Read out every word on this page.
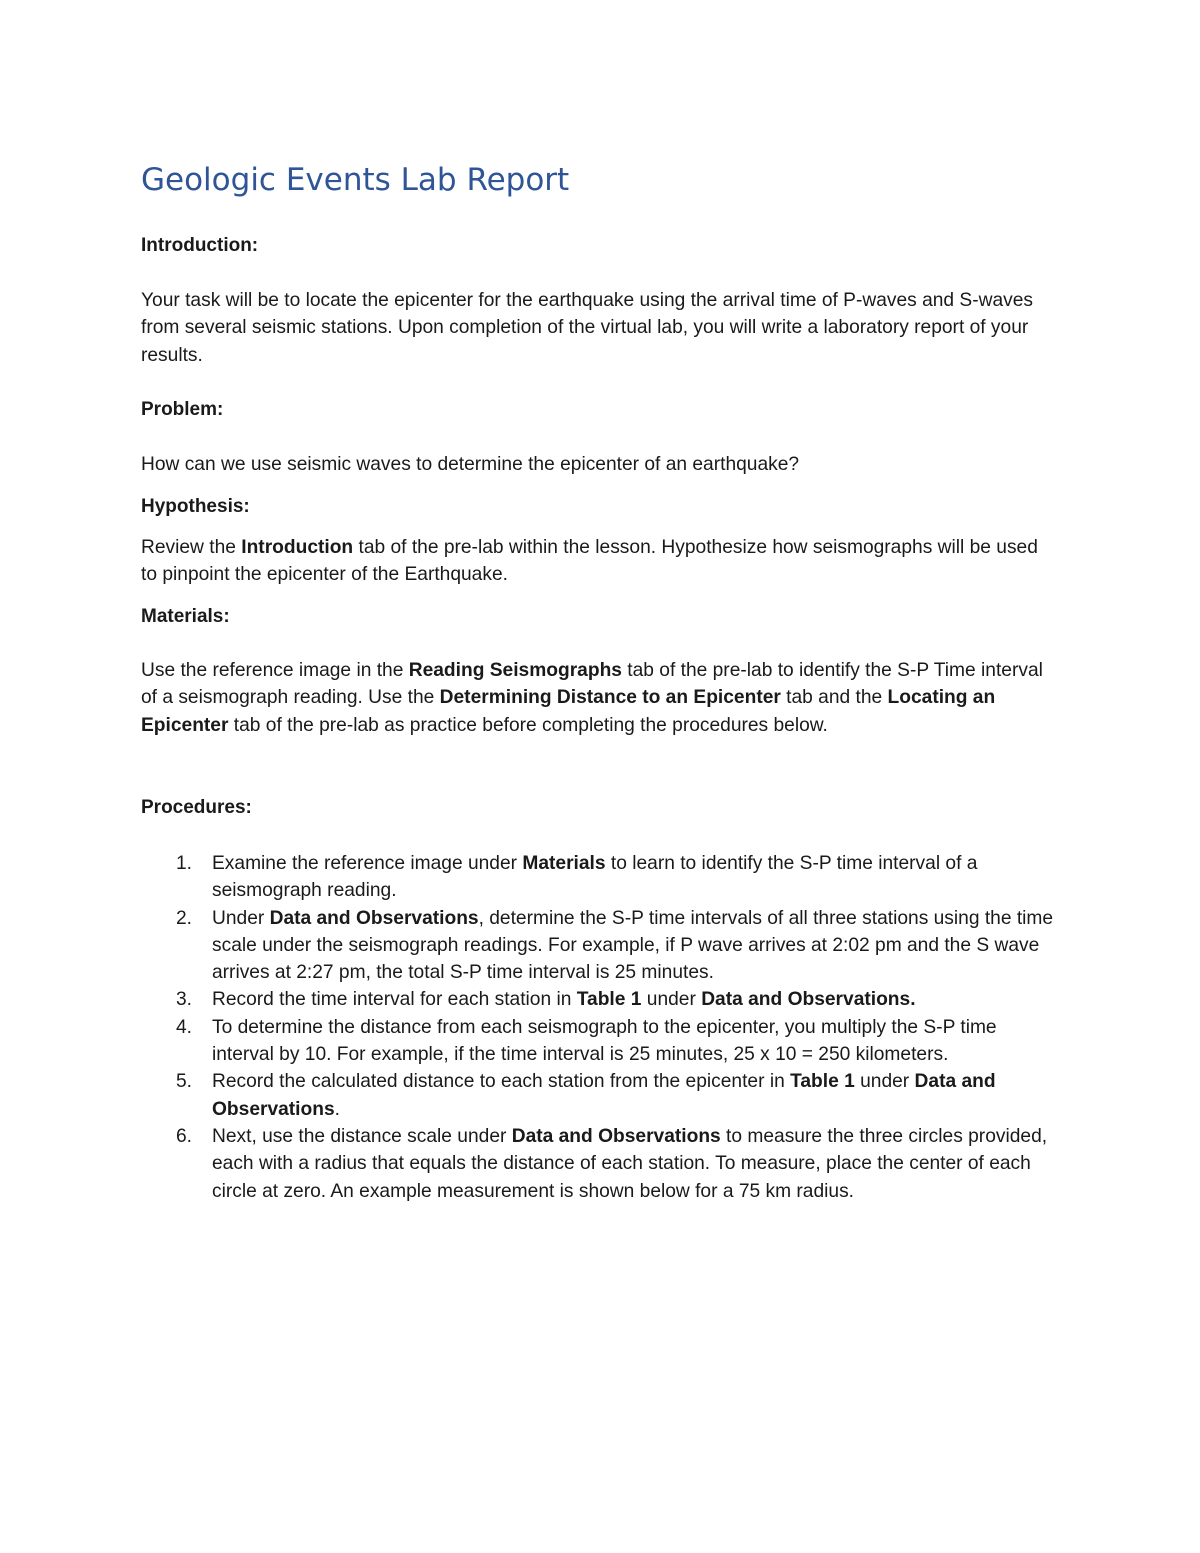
Geologic Events Lab Report

Introduction:

Your task will be to locate the epicenter for the earthquake using the arrival time of P-waves and S-waves from several seismic stations. Upon completion of the virtual lab, you will write a laboratory report of your results.

Problem:

How can we use seismic waves to determine the epicenter of an earthquake?

Hypothesis:

Review the Introduction tab of the pre-lab within the lesson. Hypothesize how seismographs will be used to pinpoint the epicenter of the Earthquake.

Materials:

Use the reference image in the Reading Seismographs tab of the pre-lab to identify the S-P Time interval of a seismograph reading. Use the Determining Distance to an Epicenter tab and the Locating an Epicenter tab of the pre-lab as practice before completing the procedures below.

Procedures:

1. Examine the reference image under Materials to learn to identify the S-P time interval of a seismograph reading.
2. Under Data and Observations, determine the S-P time intervals of all three stations using the time scale under the seismograph readings. For example, if P wave arrives at 2:02 pm and the S wave arrives at 2:27 pm, the total S-P time interval is 25 minutes.
3. Record the time interval for each station in Table 1 under Data and Observations.
4. To determine the distance from each seismograph to the epicenter, you multiply the S-P time interval by 10. For example, if the time interval is 25 minutes, 25 x 10 = 250 kilometers.
5. Record the calculated distance to each station from the epicenter in Table 1 under Data and Observations.
6. Next, use the distance scale under Data and Observations to measure the three circles provided, each with a radius that equals the distance of each station. To measure, place the center of each circle at zero. An example measurement is shown below for a 75 km radius.
